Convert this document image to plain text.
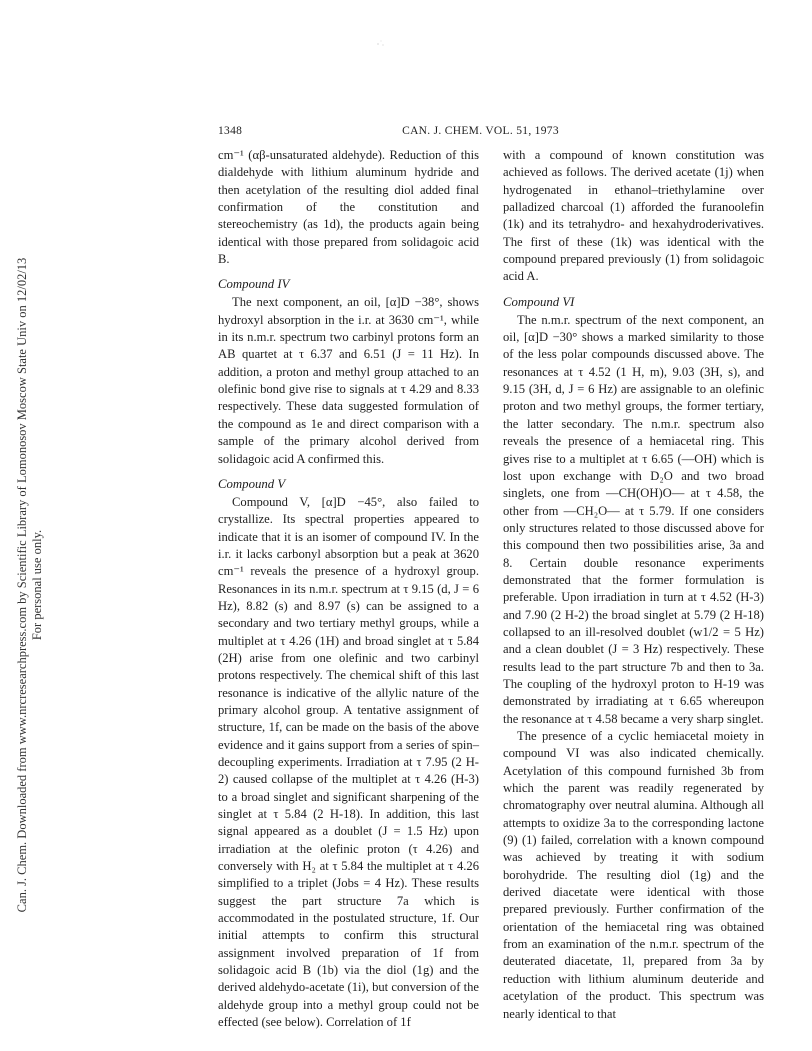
Can. J. Chem. Downloaded from www.nrcresearchpress.com by Scientific Library of Lomonosov Moscow State Univ on 12/02/13 For personal use only.
1348	CAN. J. CHEM. VOL. 51, 1973

cm⁻¹ (αβ-unsaturated aldehyde). Reduction of this dialdehyde with lithium aluminum hydride and then acetylation of the resulting diol added final confirmation of the constitution and stereochemistry (as 1d), the products again being identical with those prepared from solidagoic acid B.

Compound IV

The next component, an oil, [α]D −38°, shows hydroxyl absorption in the i.r. at 3630 cm⁻¹, while in its n.m.r. spectrum two carbinyl protons form an AB quartet at τ 6.37 and 6.51 (J = 11 Hz). In addition, a proton and methyl group attached to an olefinic bond give rise to signals at τ 4.29 and 8.33 respectively. These data suggested formulation of the compound as 1e and direct comparison with a sample of the primary alcohol derived from solidagoic acid A confirmed this.

Compound V

Compound V, [α]D −45°, also failed to crystallize. Its spectral properties appeared to indicate that it is an isomer of compound IV. In the i.r. it lacks carbonyl absorption but a peak at 3620 cm⁻¹ reveals the presence of a hydroxyl group. Resonances in its n.m.r. spectrum at τ 9.15 (d, J = 6 Hz), 8.82 (s) and 8.97 (s) can be assigned to a secondary and two tertiary methyl groups, while a multiplet at τ 4.26 (1H) and broad singlet at τ 5.84 (2H) arise from one olefinic and two carbinyl protons respectively. The chemical shift of this last resonance is indicative of the allylic nature of the primary alcohol group. A tentative assignment of structure, 1f, can be made on the basis of the above evidence and it gains support from a series of spin–decoupling experiments. Irradiation at τ 7.95 (2 H-2) caused collapse of the multiplet at τ 4.26 (H-3) to a broad singlet and significant sharpening of the singlet at τ 5.84 (2 H-18). In addition, this last signal appeared as a doublet (J = 1.5 Hz) upon irradiation at the olefinic proton (τ 4.26) and conversely with H₂ at τ 5.84 the multiplet at τ 4.26 simplified to a triplet (Jobs = 4 Hz). These results suggest the part structure 7a which is accommodated in the postulated structure, 1f. Our initial attempts to confirm this structural assignment involved preparation of 1f from solidagoic acid B (1b) via the diol (1g) and the derived aldehydo-acetate (1i), but conversion of the aldehyde group into a methyl group could not be effected (see below). Correlation of 1f

with a compound of known constitution was achieved as follows. The derived acetate (1j) when hydrogenated in ethanol–triethylamine over palladized charcoal (1) afforded the furanoolefin (1k) and its tetrahydro- and hexahydroderivatives. The first of these (1k) was identical with the compound prepared previously (1) from solidagoic acid A.

Compound VI

The n.m.r. spectrum of the next component, an oil, [α]D −30° shows a marked similarity to those of the less polar compounds discussed above. The resonances at τ 4.52 (1 H, m), 9.03 (3H, s), and 9.15 (3H, d, J = 6 Hz) are assignable to an olefinic proton and two methyl groups, the former tertiary, the latter secondary. The n.m.r. spectrum also reveals the presence of a hemiacetal ring. This gives rise to a multiplet at τ 6.65 (—OH) which is lost upon exchange with D₂O and two broad singlets, one from —CH(OH)O— at τ 4.58, the other from —CH₂O— at τ 5.79. If one considers only structures related to those discussed above for this compound then two possibilities arise, 3a and 8. Certain double resonance experiments demonstrated that the former formulation is preferable. Upon irradiation in turn at τ 4.52 (H-3) and 7.90 (2 H-2) the broad singlet at 5.79 (2 H-18) collapsed to an ill-resolved doublet (w1/2 = 5 Hz) and a clean doublet (J = 3 Hz) respectively. These results lead to the part structure 7b and then to 3a. The coupling of the hydroxyl proton to H-19 was demonstrated by irradiating at τ 6.65 whereupon the resonance at τ 4.58 became a very sharp singlet.

The presence of a cyclic hemiacetal moiety in compound VI was also indicated chemically. Acetylation of this compound furnished 3b from which the parent was readily regenerated by chromatography over neutral alumina. Although all attempts to oxidize 3a to the corresponding lactone (9) (1) failed, correlation with a known compound was achieved by treating it with sodium borohydride. The resulting diol (1g) and the derived diacetate were identical with those prepared previously. Further confirmation of the orientation of the hemiacetal ring was obtained from an examination of the n.m.r. spectrum of the deuterated diacetate, 1l, prepared from 3a by reduction with lithium aluminum deuteride and acetylation of the product. This spectrum was nearly identical to that
